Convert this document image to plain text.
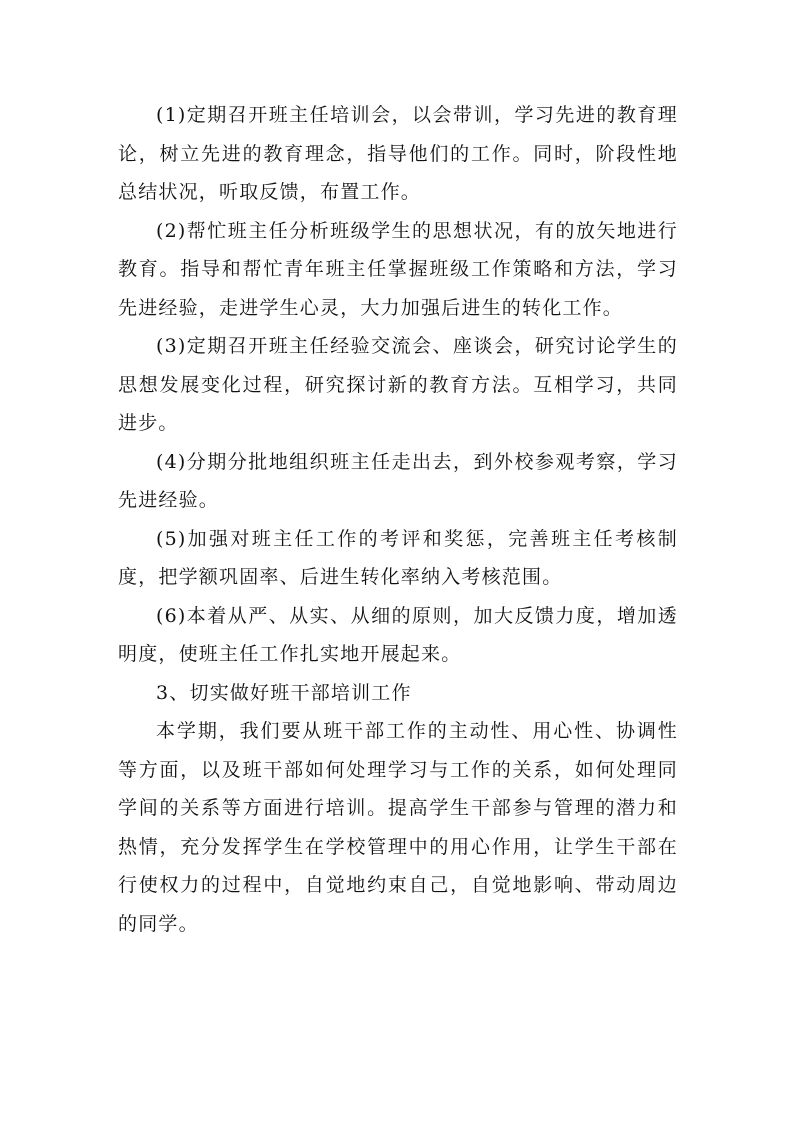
(1)定期召开班主任培训会，以会带训，学习先进的教育理论，树立先进的教育理念，指导他们的工作。同时，阶段性地总结状况，听取反馈，布置工作。

(2)帮忙班主任分析班级学生的思想状况，有的放矢地进行教育。指导和帮忙青年班主任掌握班级工作策略和方法，学习先进经验，走进学生心灵，大力加强后进生的转化工作。

(3)定期召开班主任经验交流会、座谈会，研究讨论学生的思想发展变化过程，研究探讨新的教育方法。互相学习，共同进步。

(4)分期分批地组织班主任走出去，到外校参观考察，学习先进经验。

(5)加强对班主任工作的考评和奖惩，完善班主任考核制度，把学额巩固率、后进生转化率纳入考核范围。

(6)本着从严、从实、从细的原则，加大反馈力度，增加透明度，使班主任工作扎实地开展起来。

3、切实做好班干部培训工作

本学期，我们要从班干部工作的主动性、用心性、协调性等方面，以及班干部如何处理学习与工作的关系，如何处理同学间的关系等方面进行培训。提高学生干部参与管理的潜力和热情，充分发挥学生在学校管理中的用心作用，让学生干部在行使权力的过程中，自觉地约束自己，自觉地影响、带动周边的同学。
